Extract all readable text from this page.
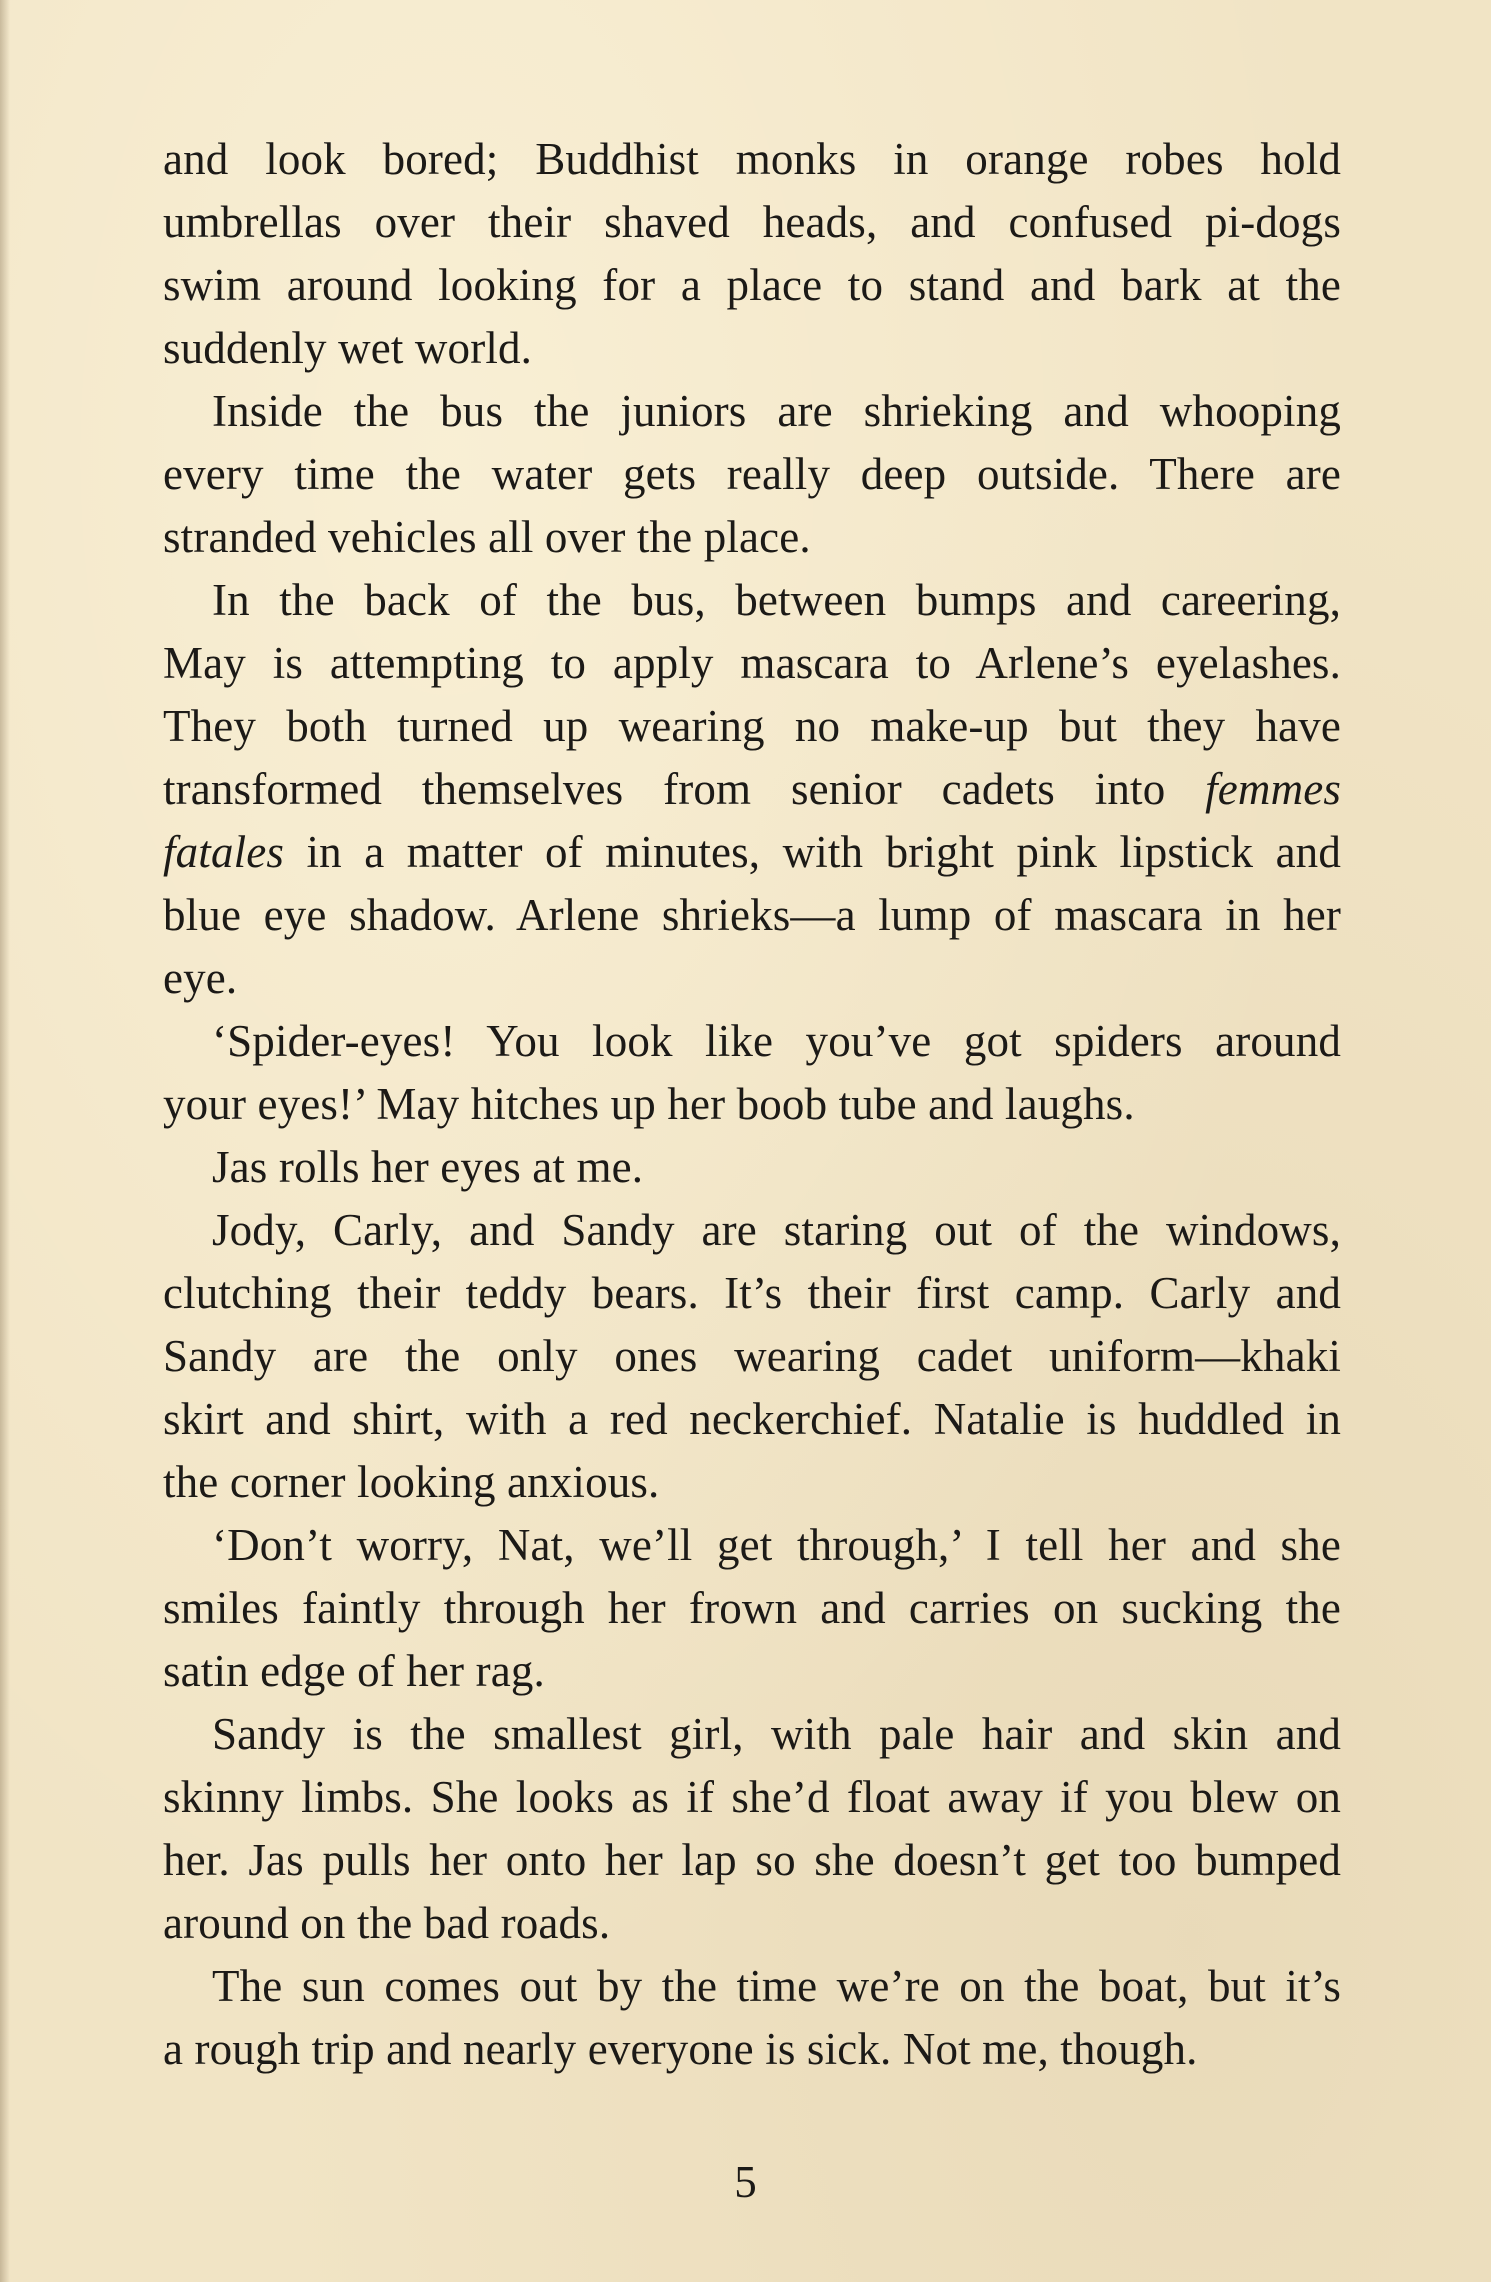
and look bored; Buddhist monks in orange robes hold
umbrellas over their shaved heads, and confused pi-dogs
swim around looking for a place to stand and bark at the
suddenly wet world.
Inside the bus the juniors are shrieking and whooping
every time the water gets really deep outside. There are
stranded vehicles all over the place.
In the back of the bus, between bumps and careering,
May is attempting to apply mascara to Arlene’s eyelashes.
They both turned up wearing no make-up but they have
transformed themselves from senior cadets into femmes
fatales in a matter of minutes, with bright pink lipstick and
blue eye shadow. Arlene shrieks—a lump of mascara in her
eye.
‘Spider-eyes! You look like you’ve got spiders around
your eyes!’ May hitches up her boob tube and laughs.
Jas rolls her eyes at me.
Jody, Carly, and Sandy are staring out of the windows,
clutching their teddy bears. It’s their first camp. Carly and
Sandy are the only ones wearing cadet uniform—khaki
skirt and shirt, with a red neckerchief. Natalie is huddled in
the corner looking anxious.
‘Don’t worry, Nat, we’ll get through,’ I tell her and she
smiles faintly through her frown and carries on sucking the
satin edge of her rag.
Sandy is the smallest girl, with pale hair and skin and
skinny limbs. She looks as if she’d float away if you blew on
her. Jas pulls her onto her lap so she doesn’t get too bumped
around on the bad roads.
The sun comes out by the time we’re on the boat, but it’s
a rough trip and nearly everyone is sick. Not me, though.
5
